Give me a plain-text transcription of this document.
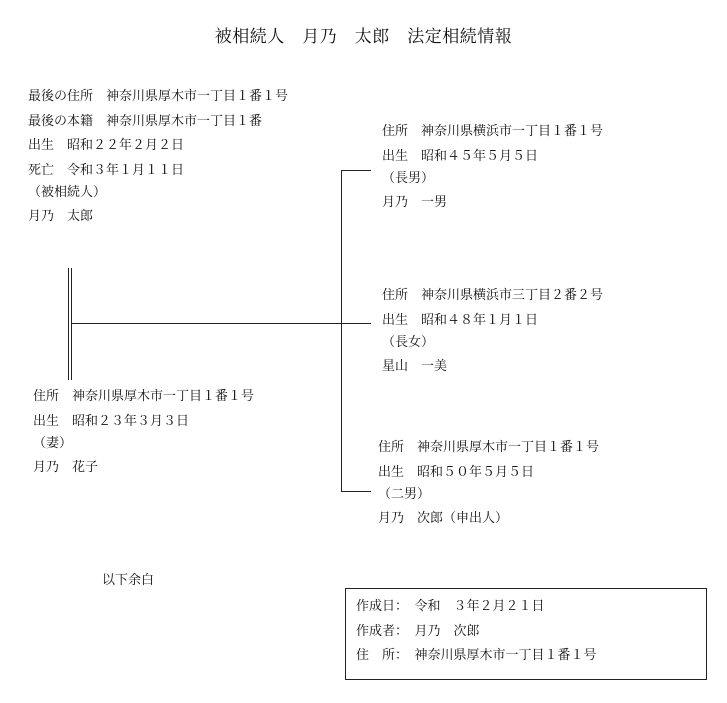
被相続人　月乃　太郎　法定相続情報
最後の住所　神奈川県厚木市一丁目１番１号
最後の本籍　神奈川県厚木市一丁目１番
出生　昭和２２年２月２日
死亡　令和３年１月１１日
（被相続人）
月乃　太郎
住所　神奈川県厚木市一丁目１番１号
出生　昭和２３年３月３日
（妻）
月乃　花子
住所　神奈川県横浜市一丁目１番１号
出生　昭和４５年５月５日
（長男）
月乃　一男
住所　神奈川県横浜市三丁目２番２号
出生　昭和４８年１月１日
（長女）
星山　一美
住所　神奈川県厚木市一丁目１番１号
出生　昭和５０年５月５日
（二男）
月乃　次郎（申出人）
以下余白
作成日：　令和　３年２月２１日
作成者：　月乃　次郎
住　所：　神奈川県厚木市一丁目１番１号
